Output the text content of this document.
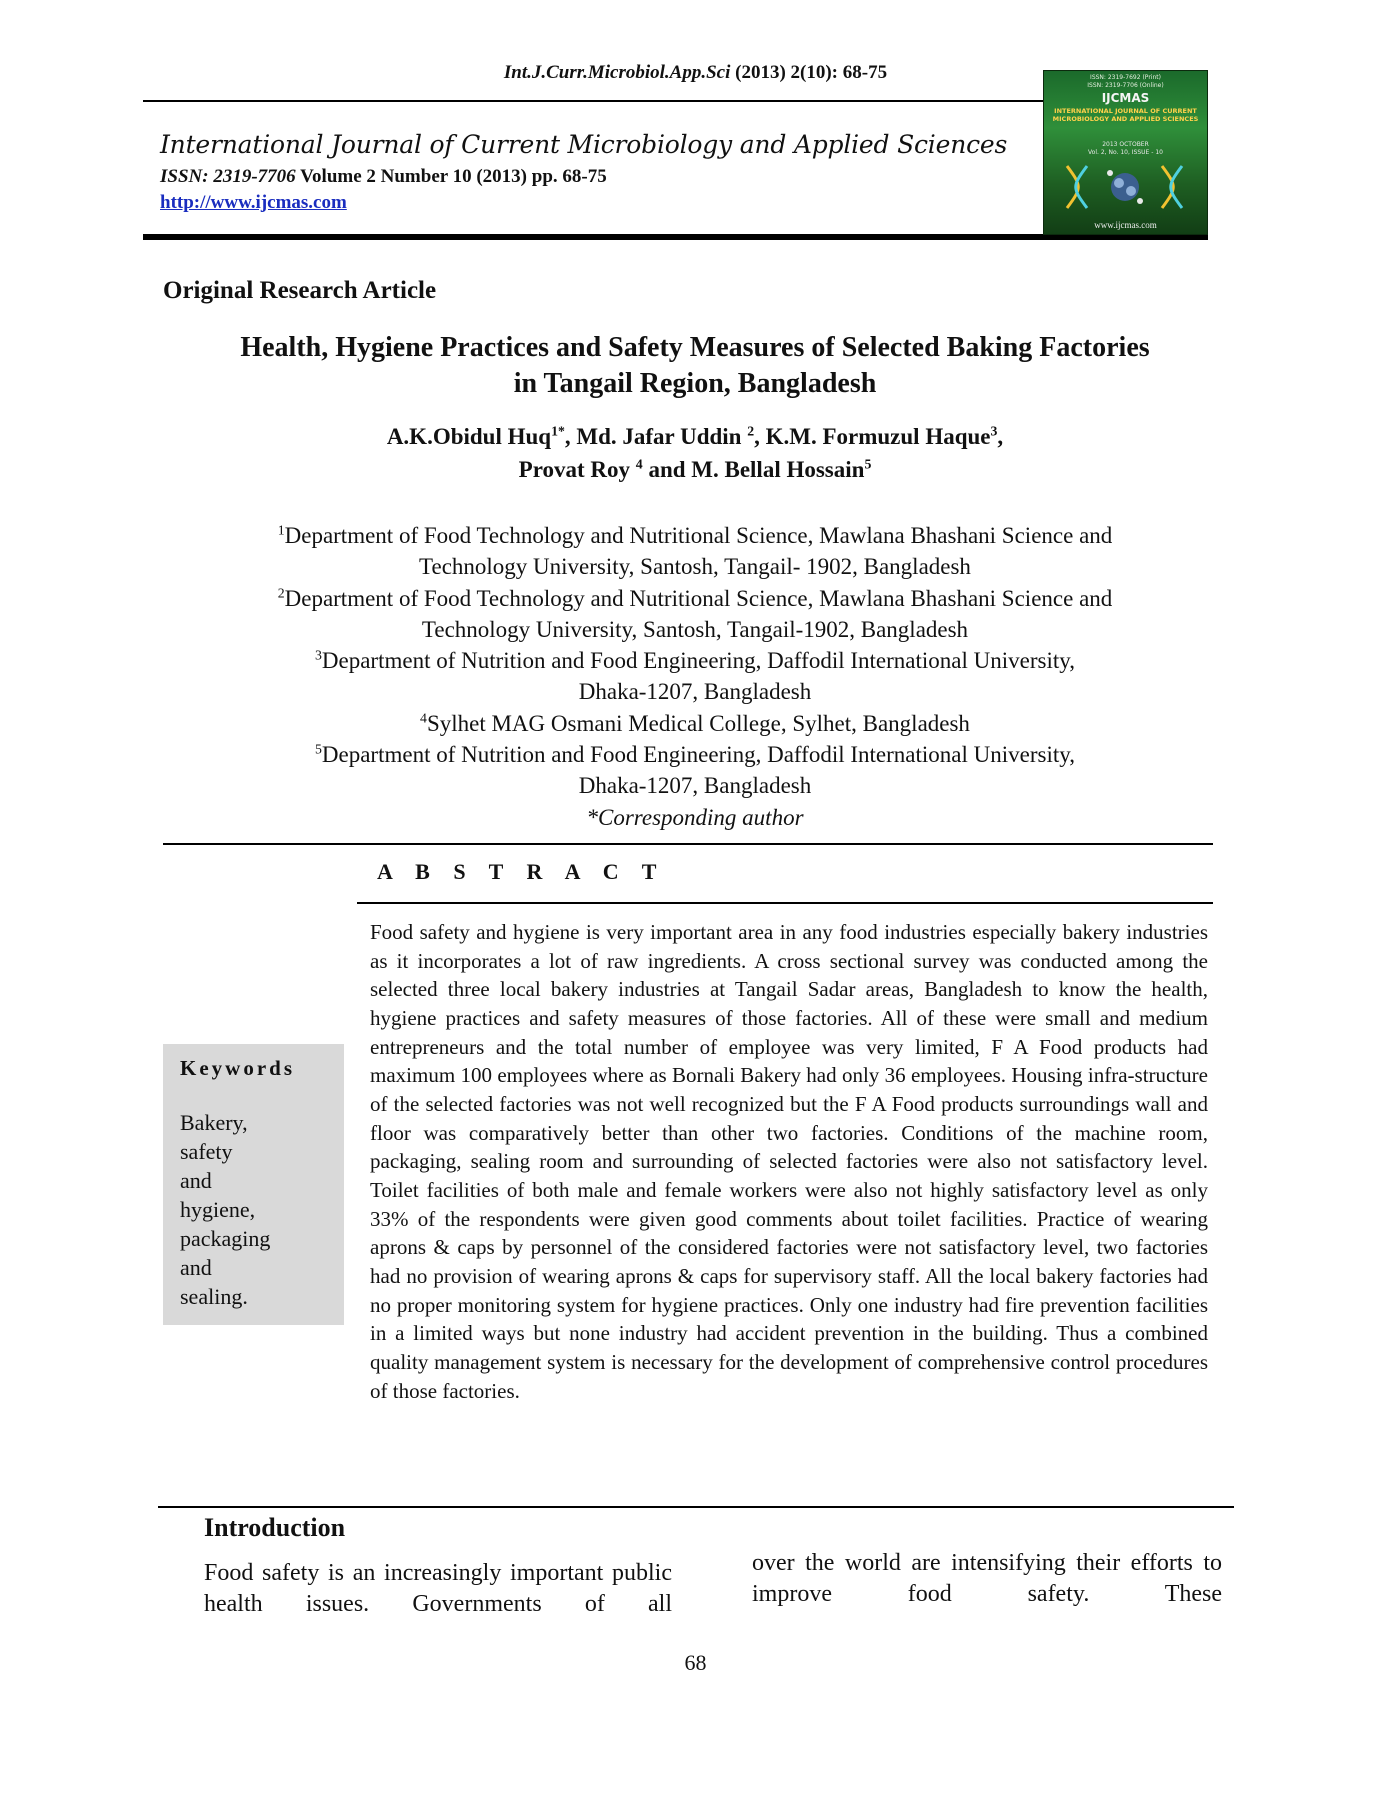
Int.J.Curr.Microbiol.App.Sci (2013) 2(10): 68-75
International Journal of Current Microbiology and Applied Sciences
ISSN: 2319-7706 Volume 2 Number 10 (2013) pp. 68-75
http://www.ijcmas.com
ISSN: 2319-7692 (Print)
ISSN: 2319-7706 (Online)
IJCMAS
INTERNATIONAL JOURNAL OF CURRENT MICROBIOLOGY AND APPLIED SCIENCES
2013 OCTOBER
Vol. 2, No. 10, ISSUE - 10
www.ijcmas.com
Original Research Article
Health, Hygiene Practices and Safety Measures of Selected Baking Factories
in Tangail Region, Bangladesh
A.K.Obidul Huq$^{1*}$, Md. Jafar Uddin $^2$, K.M. Formuzul Haque$^3$,
Provat Roy $^4$ and M. Bellal Hossain$^5$
$^1$Department of Food Technology and Nutritional Science, Mawlana Bhashani Science and
Technology University, Santosh, Tangail- 1902, Bangladesh
$^2$Department of Food Technology and Nutritional Science, Mawlana Bhashani Science and
Technology University, Santosh, Tangail-1902, Bangladesh
$^3$Department of Nutrition and Food Engineering, Daffodil International University,
Dhaka-1207, Bangladesh
$^4$Sylhet MAG Osmani Medical College, Sylhet, Bangladesh
$^5$Department of Nutrition and Food Engineering, Daffodil International University,
Dhaka-1207, Bangladesh
*Corresponding author
A B S T R A C T
Keywords
Bakery,
safety
and
hygiene,
packaging
and
sealing.
Food safety and hygiene is very important area in any food industries especially bakery industries as it incorporates a lot of raw ingredients. A cross sectional survey was conducted among the selected three local bakery industries at Tangail Sadar areas, Bangladesh to know the health, hygiene practices and safety measures of those factories. All of these were small and medium entrepreneurs and the total number of employee was very limited, F A Food products had maximum 100 employees where as Bornali Bakery had only 36 employees. Housing infra-structure of the selected factories was not well recognized but the F A Food products surroundings wall and floor was comparatively better than other two factories. Conditions of the machine room, packaging, sealing room and surrounding of selected factories were also not satisfactory level. Toilet facilities of both male and female workers were also not highly satisfactory level as only 33% of the respondents were given good comments about toilet facilities. Practice of wearing aprons & caps by personnel of the considered factories were not satisfactory level, two factories had no provision of wearing aprons & caps for supervisory staff. All the local bakery factories had no proper monitoring system for hygiene practices. Only one industry had fire prevention facilities in a limited ways but none industry had accident prevention in the building. Thus a combined quality management system is necessary for the development of comprehensive control procedures of those factories.
Introduction
Food safety is an increasingly important public health issues. Governments of all
over the world are intensifying their efforts to improve food safety. These
68
